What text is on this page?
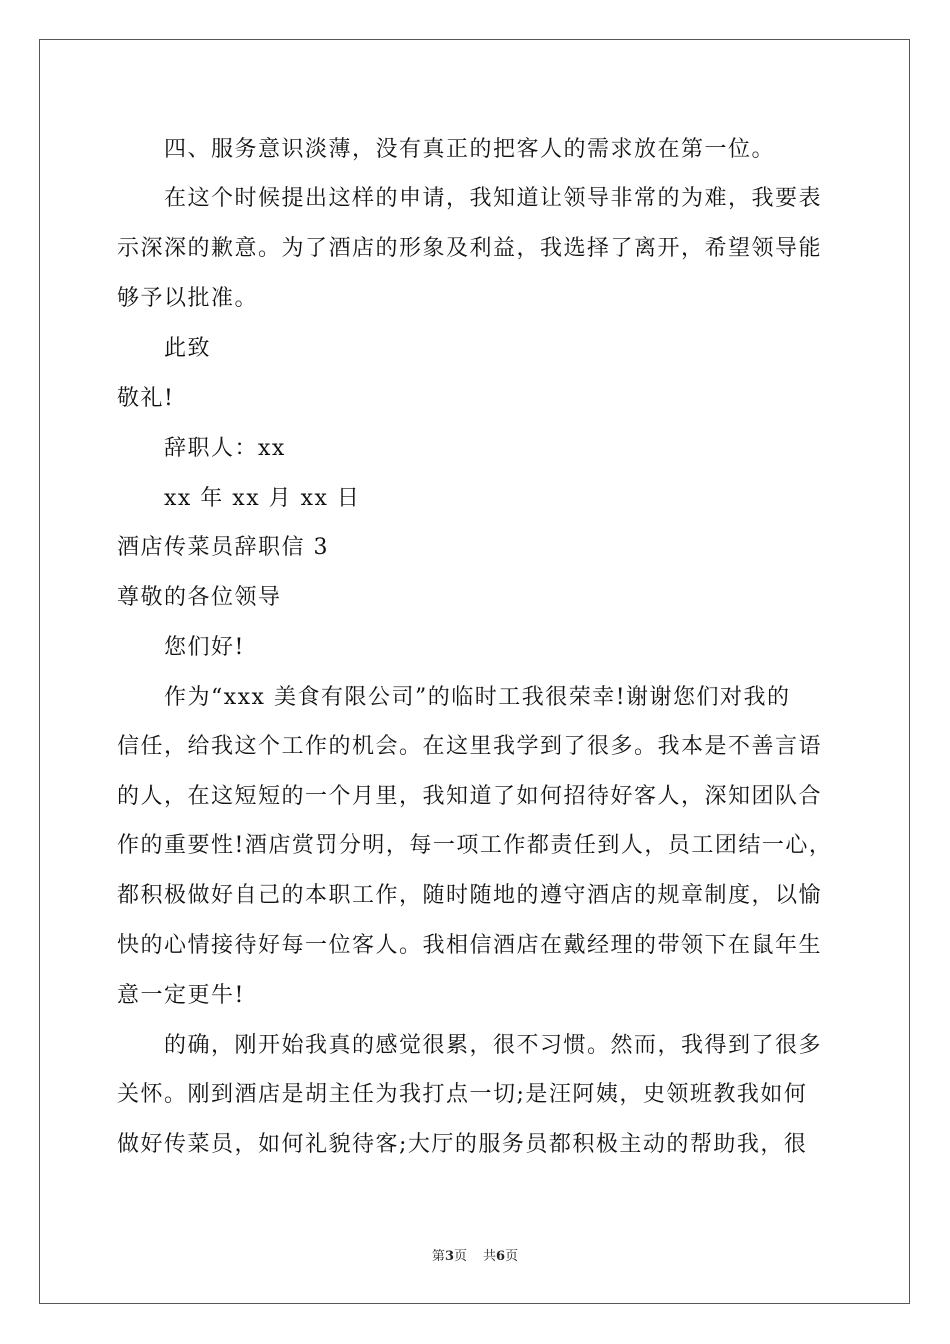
四、服务意识淡薄，没有真正的把客人的需求放在第一位。
在这个时候提出这样的申请，我知道让领导非常的为难，我要表
示深深的歉意。为了酒店的形象及利益，我选择了离开，希望领导能
够予以批准。
此致
敬礼!
辞职人：xx
xx 年 xx 月 xx 日
酒店传菜员辞职信 3
尊敬的各位领导
您们好!
作为“xxx 美食有限公司”的临时工我很荣幸!谢谢您们对我的
信任，给我这个工作的机会。在这里我学到了很多。我本是不善言语
的人，在这短短的一个月里，我知道了如何招待好客人，深知团队合
作的重要性!酒店赏罚分明，每一项工作都责任到人，员工团结一心，
都积极做好自己的本职工作，随时随地的遵守酒店的规章制度，以愉
快的心情接待好每一位客人。我相信酒店在戴经理的带领下在鼠年生
意一定更牛!
的确，刚开始我真的感觉很累，很不习惯。然而，我得到了很多
关怀。刚到酒店是胡主任为我打点一切;是汪阿姨，史领班教我如何
做好传菜员，如何礼貌待客;大厅的服务员都积极主动的帮助我，很
第3页 共6页
